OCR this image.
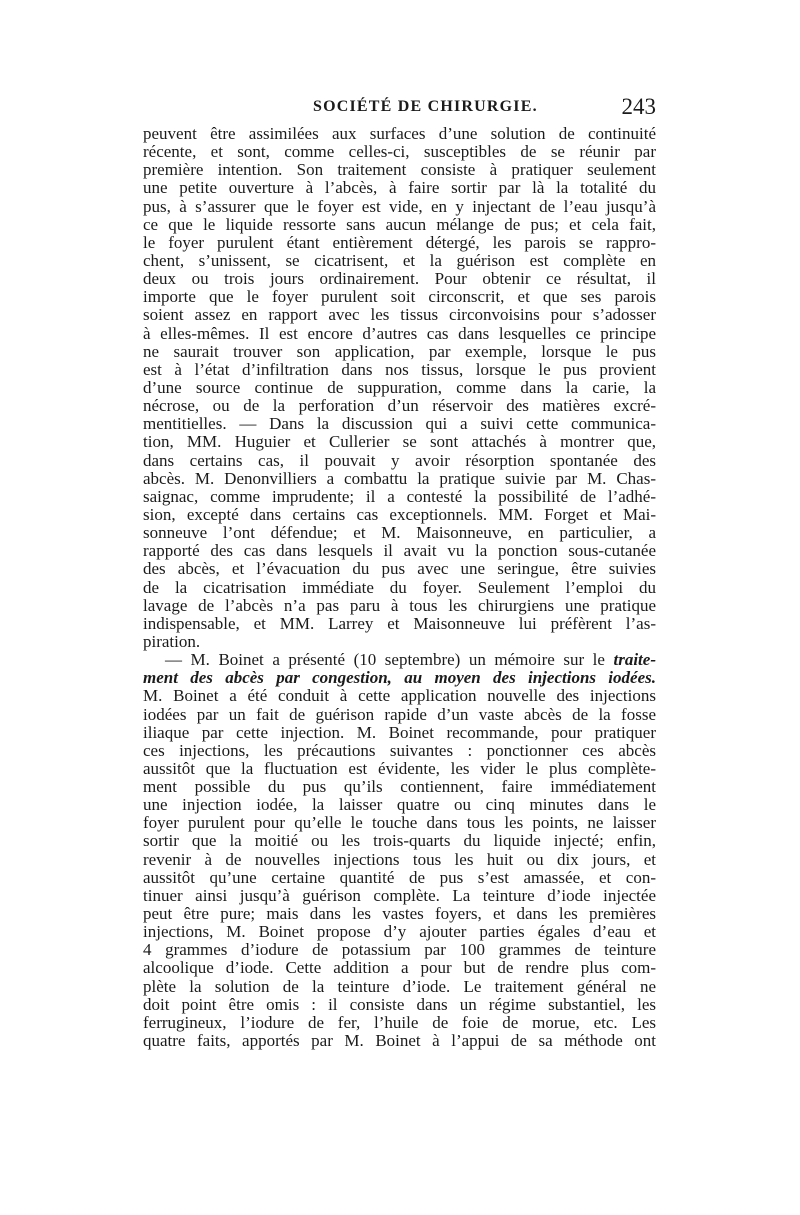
SOCIÉTÉ DE CHIRURGIE.	243
peuvent être assimilées aux surfaces d’une solution de continuité
récente, et sont, comme celles-ci, susceptibles de se réunir par
première intention. Son traitement consiste à pratiquer seulement
une petite ouverture à l’abcès, à faire sortir par là la totalité du
pus, à s’assurer que le foyer est vide, en y injectant de l’eau jusqu’à
ce que le liquide ressorte sans aucun mélange de pus; et cela fait,
le foyer purulent étant entièrement détergé, les parois se rappro-
chent, s’unissent, se cicatrisent, et la guérison est complète en
deux ou trois jours ordinairement. Pour obtenir ce résultat, il
importe que le foyer purulent soit circonscrit, et que ses parois
soient assez en rapport avec les tissus circonvoisins pour s’adosser
à elles-mêmes. Il est encore d’autres cas dans lesquelles ce principe
ne saurait trouver son application, par exemple, lorsque le pus
est à l’état d’infiltration dans nos tissus, lorsque le pus provient
d’une source continue de suppuration, comme dans la carie, la
nécrose, ou de la perforation d’un réservoir des matières excré-
mentitielles. — Dans la discussion qui a suivi cette communica-
tion, MM. Huguier et Cullerier se sont attachés à montrer que,
dans certains cas, il pouvait y avoir résorption spontanée des
abcès. M. Denonvilliers a combattu la pratique suivie par M. Chas-
saignac, comme imprudente; il a contesté la possibilité de l’adhé-
sion, excepté dans certains cas exceptionnels. MM. Forget et Mai-
sonneuve l’ont défendue; et M. Maisonneuve, en particulier, a
rapporté des cas dans lesquels il avait vu la ponction sous-cutanée
des abcès, et l’évacuation du pus avec une seringue, être suivies
de la cicatrisation immédiate du foyer. Seulement l’emploi du
lavage de l’abcès n’a pas paru à tous les chirurgiens une pratique
indispensable, et MM. Larrey et Maisonneuve lui préfèrent l’as-
piration.
— M. Boinet a présenté (10 septembre) un mémoire sur le traite-
ment des abcès par congestion, au moyen des injections iodées.
M. Boinet a été conduit à cette application nouvelle des injections
iodées par un fait de guérison rapide d’un vaste abcès de la fosse
iliaque par cette injection. M. Boinet recommande, pour pratiquer
ces injections, les précautions suivantes : ponctionner ces abcès
aussitôt que la fluctuation est évidente, les vider le plus complète-
ment possible du pus qu’ils contiennent, faire immédiatement
une injection iodée, la laisser quatre ou cinq minutes dans le
foyer purulent pour qu’elle le touche dans tous les points, ne laisser
sortir que la moitié ou les trois-quarts du liquide injecté; enfin,
revenir à de nouvelles injections tous les huit ou dix jours, et
aussitôt qu’une certaine quantité de pus s’est amassée, et con-
tinuer ainsi jusqu’à guérison complète. La teinture d’iode injectée
peut être pure; mais dans les vastes foyers, et dans les premières
injections, M. Boinet propose d’y ajouter parties égales d’eau et
4 grammes d’iodure de potassium par 100 grammes de teinture
alcoolique d’iode. Cette addition a pour but de rendre plus com-
plète la solution de la teinture d’iode. Le traitement général ne
doit point être omis : il consiste dans un régime substantiel, les
ferrugineux, l’iodure de fer, l’huile de foie de morue, etc. Les
quatre faits, apportés par M. Boinet à l’appui de sa méthode ont
